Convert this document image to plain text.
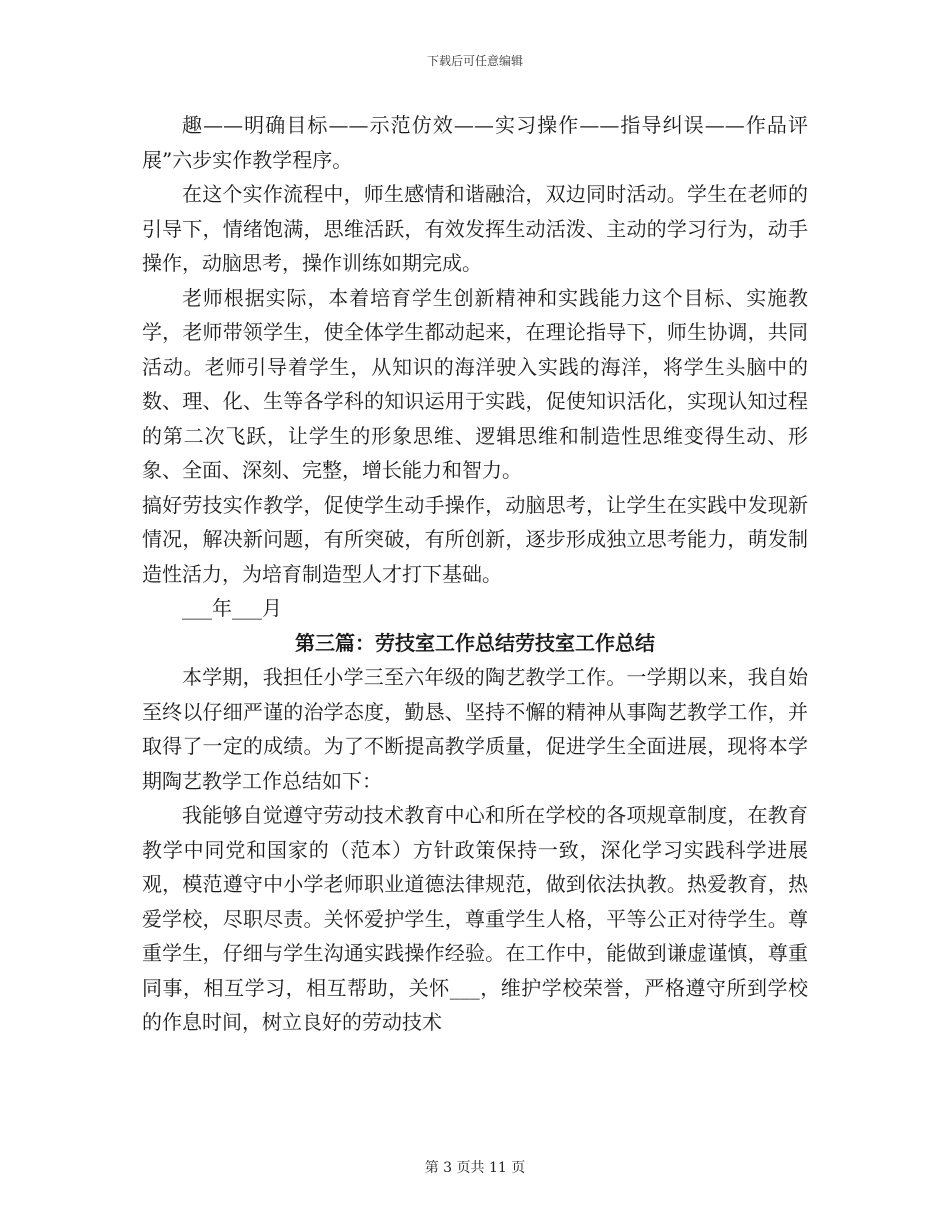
下载后可任意编辑

趣——明确目标——示范仿效——实习操作——指导纠误——作品评展”六步实作教学程序。

在这个实作流程中，师生感情和谐融洽，双边同时活动。学生在老师的引导下，情绪饱满，思维活跃，有效发挥生动活泼、主动的学习行为，动手操作，动脑思考，操作训练如期完成。

老师根据实际，本着培育学生创新精神和实践能力这个目标、实施教学，老师带领学生，使全体学生都动起来，在理论指导下，师生协调，共同活动。老师引导着学生，从知识的海洋驶入实践的海洋，将学生头脑中的数、理、化、生等各学科的知识运用于实践，促使知识活化，实现认知过程的第二次飞跃，让学生的形象思维、逻辑思维和制造性思维变得生动、形象、全面、深刻、完整，增长能力和智力。

搞好劳技实作教学，促使学生动手操作，动脑思考，让学生在实践中发现新情况，解决新问题，有所突破，有所创新，逐步形成独立思考能力，萌发制造性活力，为培育制造型人才打下基础。

___年___月

第三篇：劳技室工作总结劳技室工作总结

本学期，我担任小学三至六年级的陶艺教学工作。一学期以来，我自始至终以仔细严谨的治学态度，勤恳、坚持不懈的精神从事陶艺教学工作，并取得了一定的成绩。为了不断提高教学质量，促进学生全面进展，现将本学期陶艺教学工作总结如下：

我能够自觉遵守劳动技术教育中心和所在学校的各项规章制度，在教育教学中同党和国家的（范本）方针政策保持一致，深化学习实践科学进展观，模范遵守中小学老师职业道德法律规范，做到依法执教。热爱教育，热爱学校，尽职尽责。关怀爱护学生，尊重学生人格，平等公正对待学生。尊重学生，仔细与学生沟通实践操作经验。在工作中，能做到谦虚谨慎，尊重同事，相互学习，相互帮助，关怀___，维护学校荣誉，严格遵守所到学校的作息时间，树立良好的劳动技术

第 3 页共 11 页
